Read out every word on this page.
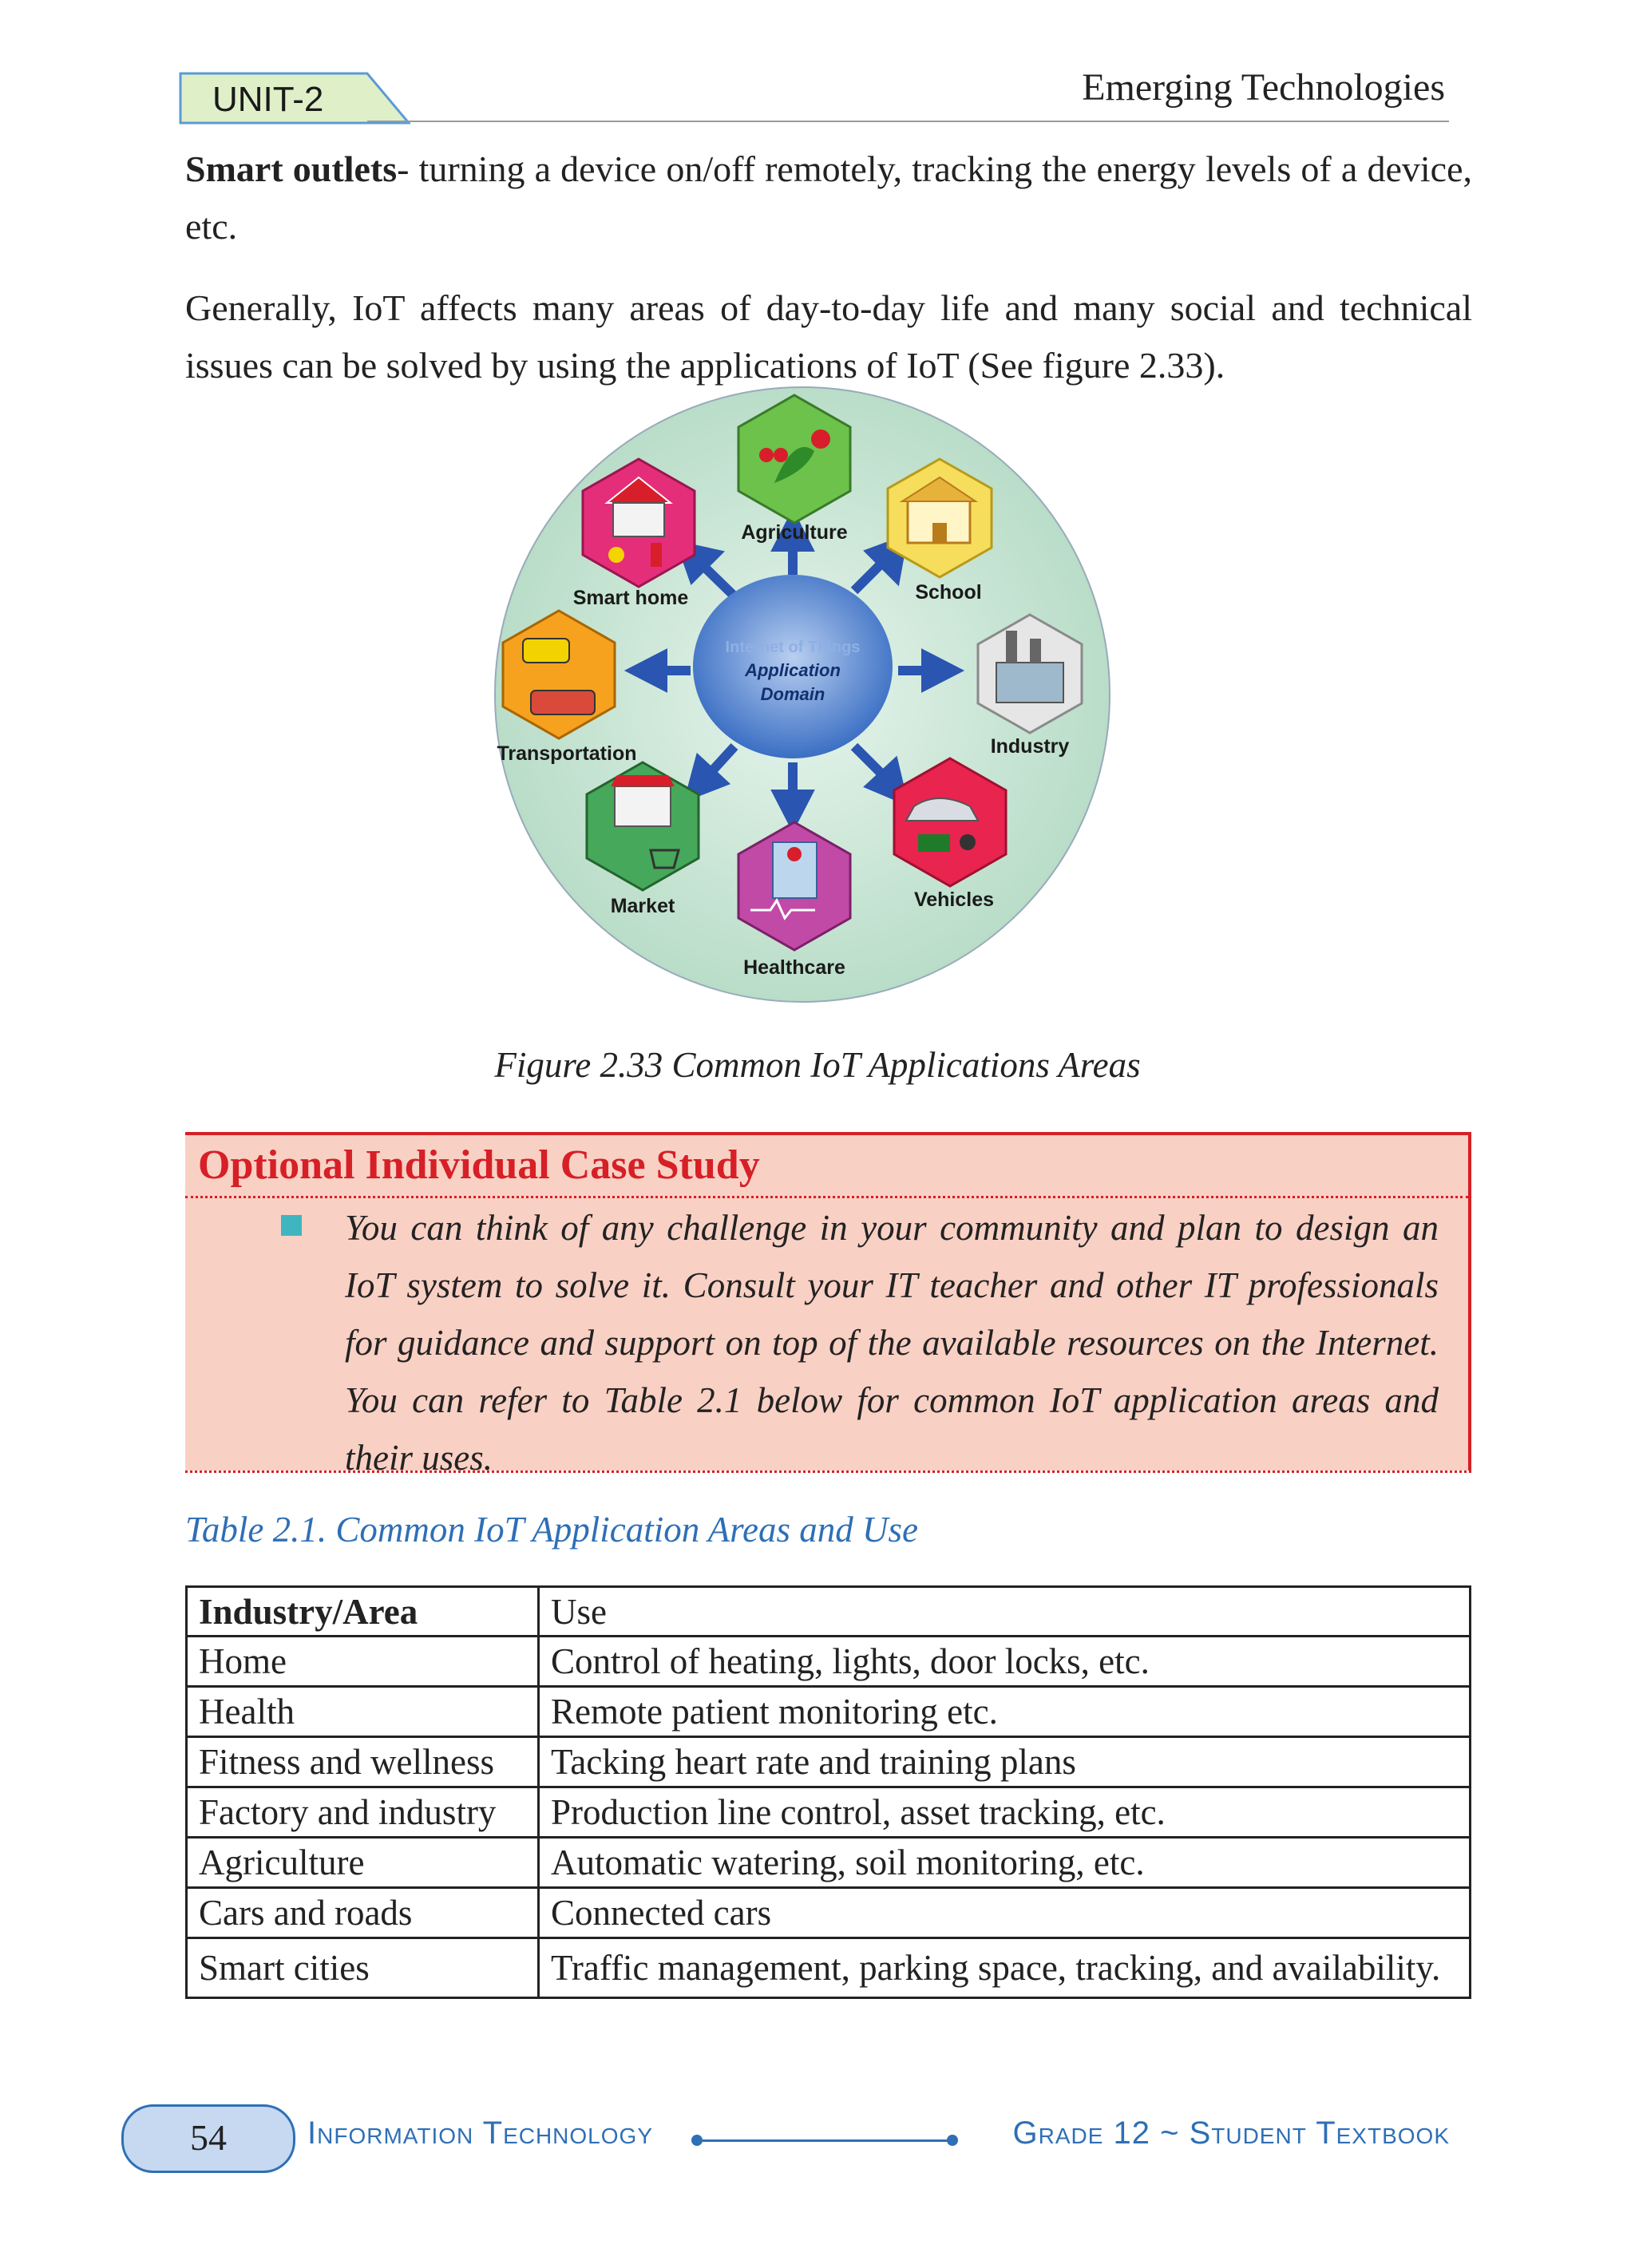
UNIT-2	Emerging Technologies
Smart outlets- turning a device on/off remotely, tracking the energy levels of a device, etc.
Generally, IoT affects many areas of day-to-day life and many social and technical issues can be solved by using the applications of IoT (See figure 2.33).
Internet of Things
Application
Domain
Agriculture
School
Industry
Vehicles
Healthcare
Market
Transportation
Smart home
Figure 2.33 Common IoT Applications Areas
Optional Individual Case Study
You can think of any challenge in your community and plan to design an IoT system to solve it. Consult your IT teacher and other IT professionals for guidance and support on top of the available resources on the Internet. You can refer to Table 2.1 below for common IoT application areas and their uses.
Table 2.1. Common IoT Application Areas and Use
Industry/Area	Use
Home	Control of heating, lights, door locks, etc.
Health	Remote patient monitoring etc.
Fitness and wellness	Tacking heart rate and training plans
Factory and industry	Production line control, asset tracking, etc.
Agriculture	Automatic watering, soil monitoring, etc.
Cars and roads	Connected cars
Smart cities	Traffic management, parking space, tracking, and availability.
54	Information Technology	Grade 12 ~ Student Textbook
